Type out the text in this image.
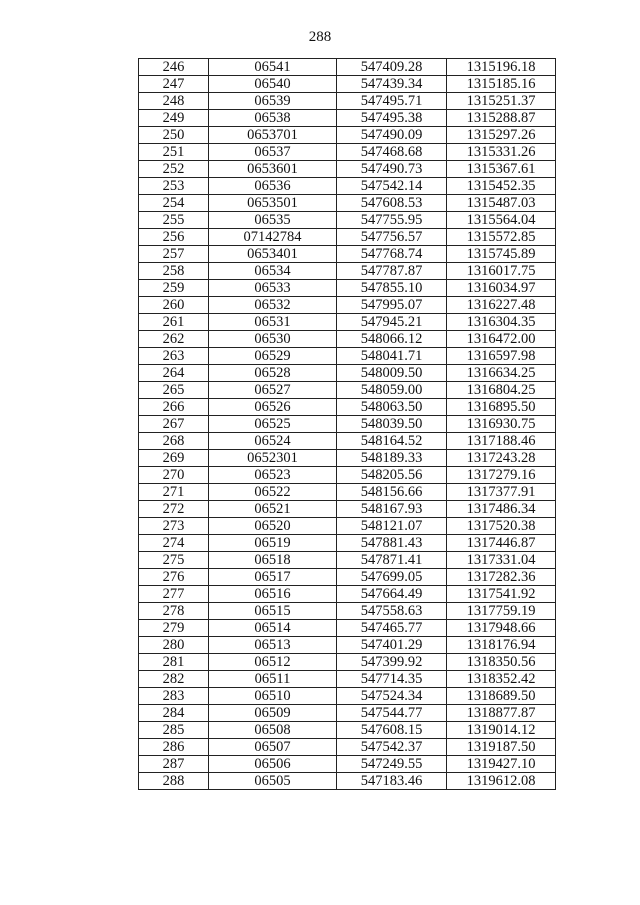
288
246	06541	547409.28	1315196.18
247	06540	547439.34	1315185.16
248	06539	547495.71	1315251.37
249	06538	547495.38	1315288.87
250	0653701	547490.09	1315297.26
251	06537	547468.68	1315331.26
252	0653601	547490.73	1315367.61
253	06536	547542.14	1315452.35
254	0653501	547608.53	1315487.03
255	06535	547755.95	1315564.04
256	07142784	547756.57	1315572.85
257	0653401	547768.74	1315745.89
258	06534	547787.87	1316017.75
259	06533	547855.10	1316034.97
260	06532	547995.07	1316227.48
261	06531	547945.21	1316304.35
262	06530	548066.12	1316472.00
263	06529	548041.71	1316597.98
264	06528	548009.50	1316634.25
265	06527	548059.00	1316804.25
266	06526	548063.50	1316895.50
267	06525	548039.50	1316930.75
268	06524	548164.52	1317188.46
269	0652301	548189.33	1317243.28
270	06523	548205.56	1317279.16
271	06522	548156.66	1317377.91
272	06521	548167.93	1317486.34
273	06520	548121.07	1317520.38
274	06519	547881.43	1317446.87
275	06518	547871.41	1317331.04
276	06517	547699.05	1317282.36
277	06516	547664.49	1317541.92
278	06515	547558.63	1317759.19
279	06514	547465.77	1317948.66
280	06513	547401.29	1318176.94
281	06512	547399.92	1318350.56
282	06511	547714.35	1318352.42
283	06510	547524.34	1318689.50
284	06509	547544.77	1318877.87
285	06508	547608.15	1319014.12
286	06507	547542.37	1319187.50
287	06506	547249.55	1319427.10
288	06505	547183.46	1319612.08
